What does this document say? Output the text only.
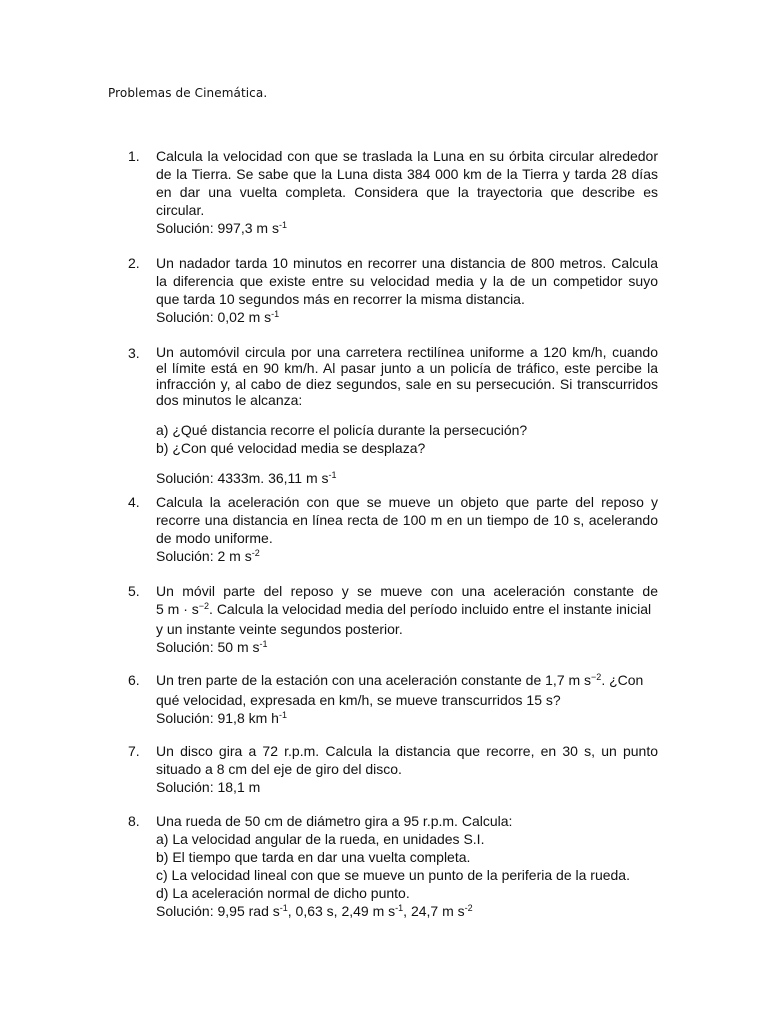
Problemas de Cinemática.
1.	Calcula la velocidad con que se traslada la Luna en su órbita circular alrededor
de la Tierra. Se sabe que la Luna dista 384 000 km de la Tierra y tarda 28 días
en dar una vuelta completa. Considera que la trayectoria que describe es
circular.
Solución: 997,3 m $s^{-1}$
2.	Un nadador tarda 10 minutos en recorrer una distancia de 800 metros. Calcula
la diferencia que existe entre su velocidad media y la de un competidor suyo
que tarda 10 segundos más en recorrer la misma distancia.
Solución: 0,02 m $s^{-1}$
3.	Un automóvil circula por una carretera rectilínea uniforme a 120 km/h, cuando
el límite está en 90 km/h. Al pasar junto a un policía de tráfico, este percibe la
infracción y, al cabo de diez segundos, sale en su persecución. Si transcurridos
dos minutos le alcanza:
a) ¿Qué distancia recorre el policía durante la persecución?
b) ¿Con qué velocidad media se desplaza?
Solución: 4333m. 36,11 m $s^{-1}$
4.	Calcula la aceleración con que se mueve un objeto que parte del reposo y
recorre una distancia en línea recta de 100 m en un tiempo de 10 s, acelerando
de modo uniforme.
Solución: 2 m $s^{-2}$
5.	Un móvil parte del reposo y se mueve con una aceleración constante de
5 $m \cdot s^{-2}$. Calcula la velocidad media del período incluido entre el instante inicial
y un instante veinte segundos posterior.
Solución: 50 m $s^{-1}$
6.	Un tren parte de la estación con una aceleración constante de 1,7 m $s^{-2}$. ¿Con
qué velocidad, expresada en km/h, se mueve transcurridos 15 s?
Solución: 91,8 km $h^{-1}$
7.	Un disco gira a 72 r.p.m. Calcula la distancia que recorre, en 30 s, un punto
situado a 8 cm del eje de giro del disco.
Solución: 18,1 m
8.	Una rueda de 50 cm de diámetro gira a 95 r.p.m. Calcula:
a) La velocidad angular de la rueda, en unidades S.I.
b) El tiempo que tarda en dar una vuelta completa.
c) La velocidad lineal con que se mueve un punto de la periferia de la rueda.
d) La aceleración normal de dicho punto.
Solución: 9,95 rad $s^{-1}$, 0,63 s, 2,49 m $s^{-1}$, 24,7 m $s^{-2}$
